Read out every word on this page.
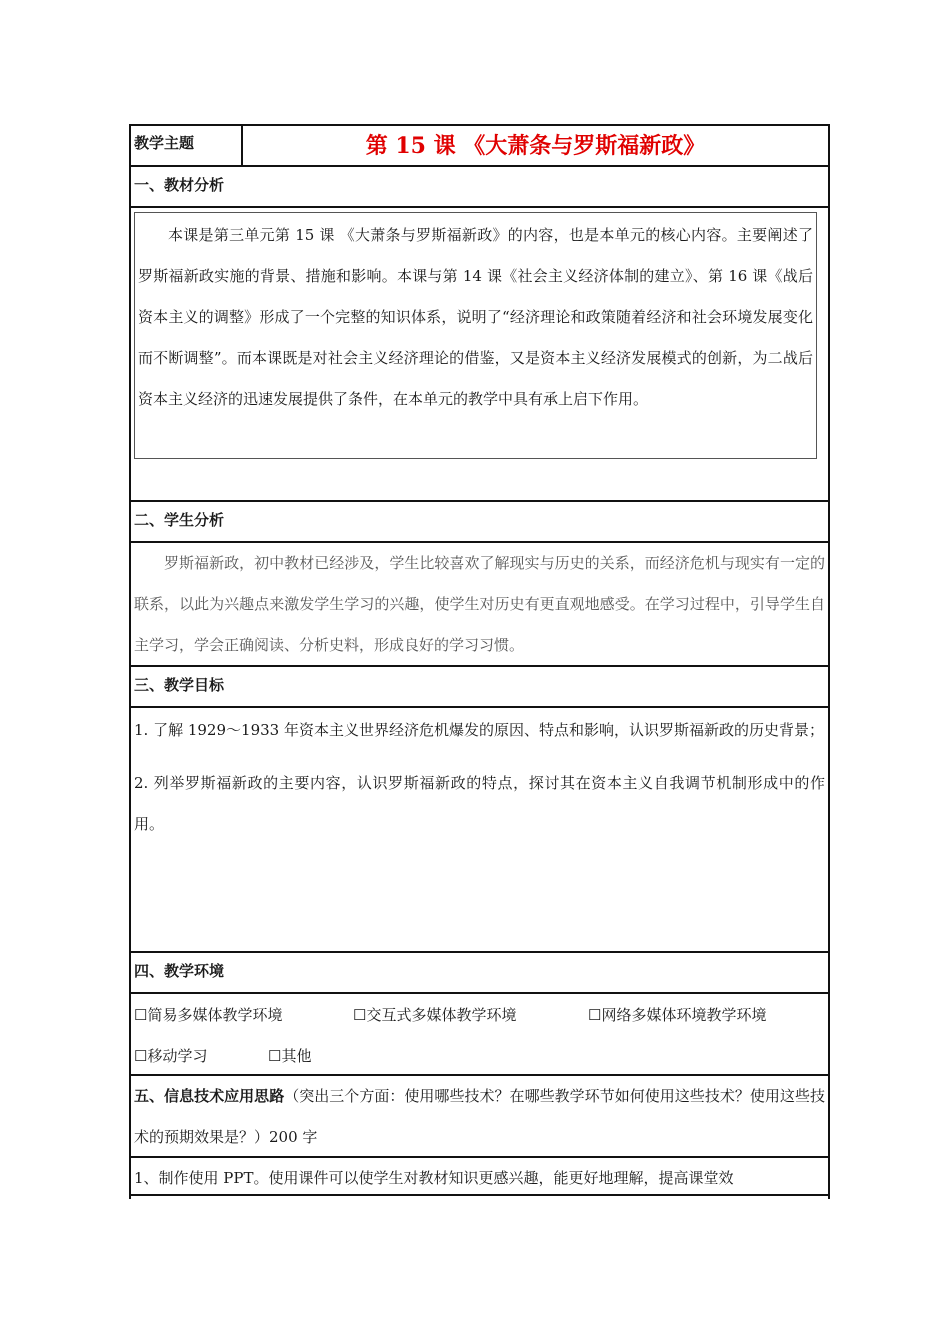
教学主题	第 15 课 《大萧条与罗斯福新政》
一、教材分析
本课是第三单元第 15 课 《大萧条与罗斯福新政》的内容，也是本单元的核心内容。主要阐述了罗斯福新政实施的背景、措施和影响。本课与第 14 课《社会主义经济体制的建立》、第 16 课《战后资本主义的调整》形成了一个完整的知识体系，说明了“经济理论和政策随着经济和社会环境发展变化而不断调整”。而本课既是对社会主义经济理论的借鉴，又是资本主义经济发展模式的创新，为二战后资本主义经济的迅速发展提供了条件，在本单元的教学中具有承上启下作用。
二、学生分析
罗斯福新政，初中教材已经涉及，学生比较喜欢了解现实与历史的关系，而经济危机与现实有一定的联系，以此为兴趣点来激发学生学习的兴趣，使学生对历史有更直观地感受。在学习过程中，引导学生自主学习，学会正确阅读、分析史料，形成良好的学习习惯。
三、教学目标
1. 了解 1929～1933 年资本主义世界经济危机爆发的原因、特点和影响，认识罗斯福新政的历史背景；
2. 列举罗斯福新政的主要内容，认识罗斯福新政的特点，探讨其在资本主义自我调节机制形成中的作用。
四、教学环境
☐简易多媒体教学环境	☐交互式多媒体教学环境	☐网络多媒体环境教学环境
☐移动学习	☐其他
五、信息技术应用思路（突出三个方面：使用哪些技术？在哪些教学环节如何使用这些技术？使用这些技术的预期效果是？）200 字
1、制作使用 PPT。使用课件可以使学生对教材知识更感兴趣，能更好地理解，提高课堂效
